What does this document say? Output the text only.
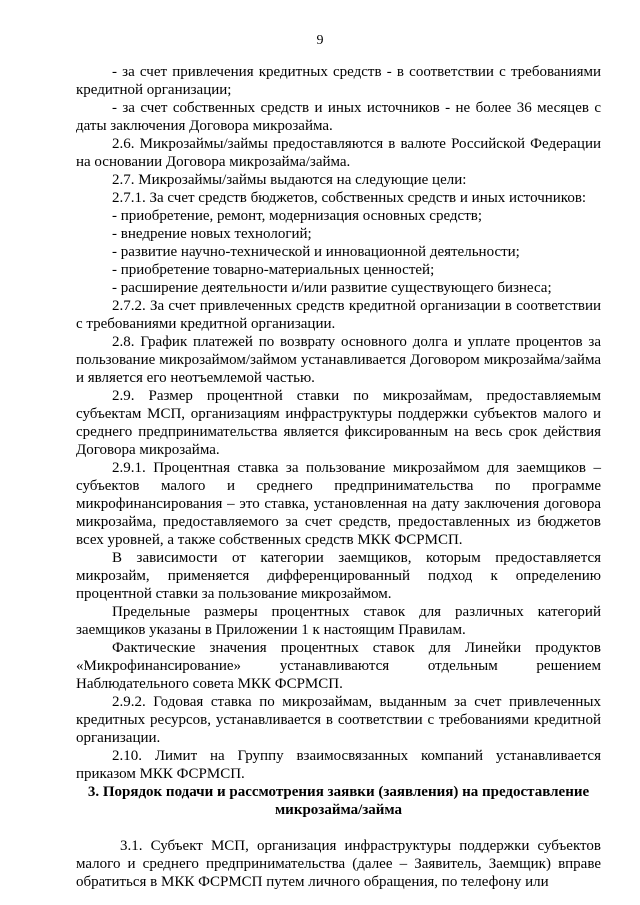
9

- за счет привлечения кредитных средств - в соответствии с требованиями кредитной организации;

- за счет собственных средств и иных источников - не более 36 месяцев с даты заключения Договора микрозайма.

2.6. Микрозаймы/займы предоставляются в валюте Российской Федерации на основании Договора микрозайма/займа.

2.7. Микрозаймы/займы выдаются на следующие цели:

2.7.1. За счет средств бюджетов, собственных средств и иных источников:

- приобретение, ремонт, модернизация основных средств;

- внедрение новых технологий;

- развитие научно-технической и инновационной деятельности;

- приобретение товарно-материальных ценностей;

- расширение деятельности и/или развитие существующего бизнеса;

2.7.2. За счет привлеченных средств кредитной организации в соответствии с требованиями кредитной организации.

2.8. График платежей по возврату основного долга и уплате процентов за пользование микрозаймом/займом устанавливается Договором микрозайма/займа и является его неотъемлемой частью.

2.9. Размер процентной ставки по микрозаймам, предоставляемым субъектам МСП, организациям инфраструктуры поддержки субъектов малого и среднего предпринимательства является фиксированным на весь срок действия Договора микрозайма.

2.9.1. Процентная ставка за пользование микрозаймом для заемщиков – субъектов малого и среднего предпринимательства по программе микрофинансирования – это ставка, установленная на дату заключения договора микрозайма, предоставляемого за счет средств, предоставленных из бюджетов всех уровней, а также собственных средств МКК ФСРМСП.

В зависимости от категории заемщиков, которым предоставляется микрозайм, применяется дифференцированный подход к определению процентной ставки за пользование микрозаймом.

Предельные размеры процентных ставок для различных категорий заемщиков указаны в Приложении 1 к настоящим Правилам.

Фактические значения процентных ставок для Линейки продуктов «Микрофинансирование» устанавливаются отдельным решением Наблюдательного совета МКК ФСРМСП.

2.9.2. Годовая ставка по микрозаймам, выданным за счет привлеченных кредитных ресурсов, устанавливается в соответствии с требованиями кредитной организации.

2.10. Лимит на Группу взаимосвязанных компаний устанавливается приказом МКК ФСРМСП.

3. Порядок подачи и рассмотрения заявки (заявления) на предоставление микрозайма/займа

3.1. Субъект МСП, организация инфраструктуры поддержки субъектов малого и среднего предпринимательства (далее – Заявитель, Заемщик) вправе обратиться в МКК ФСРМСП путем личного обращения, по телефону или
